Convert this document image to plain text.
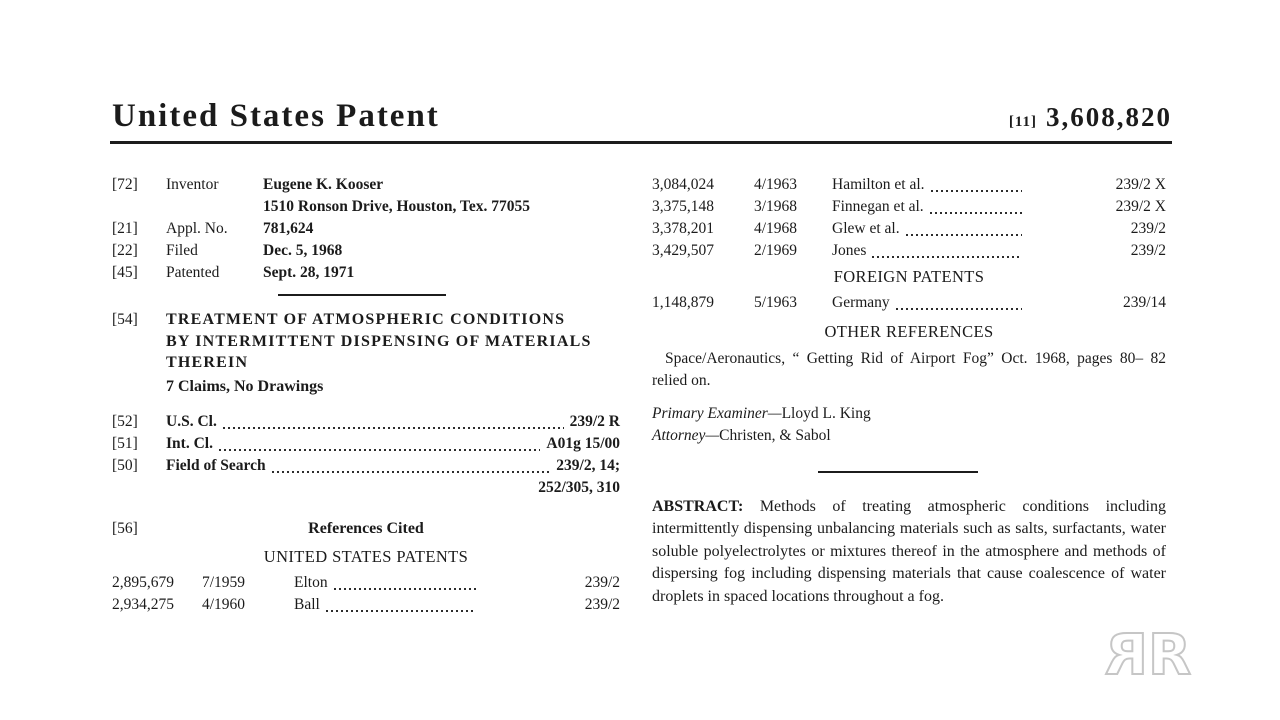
United States Patent	[11] 3,608,820
[72]	Inventor	Eugene K. Kooser
1510 Ronson Drive, Houston, Tex. 77055
[21]	Appl. No.	781,624
[22]	Filed	Dec. 5, 1968
[45]	Patented	Sept. 28, 1971
[54]	TREATMENT OF ATMOSPHERIC CONDITIONS
BY INTERMITTENT DISPENSING OF MATERIALS
THEREIN
7 Claims, No Drawings
[52]	U.S. Cl.	239/2 R
[51]	Int. Cl.	A01g 15/00
[50]	Field of Search	239/2, 14;
252/305, 310
[56]	References Cited
UNITED STATES PATENTS
2,895,679	7/1959	Elton	239/2
2,934,275	4/1960	Ball	239/2
3,084,024	4/1963	Hamilton et al.	239/2 X
3,375,148	3/1968	Finnegan et al.	239/2 X
3,378,201	4/1968	Glew et al.	239/2
3,429,507	2/1969	Jones	239/2
FOREIGN PATENTS
1,148,879	5/1963	Germany	239/14
OTHER REFERENCES
Space/Aeronautics, “ Getting Rid of Airport Fog” Oct. 1968, pages 80– 82 relied on.
Primary Examiner—Lloyd L. King
Attorney—Christen, & Sabol
ABSTRACT: Methods of treating atmospheric conditions including intermittently dispensing unbalancing materials such as salts, surfactants, water soluble polyelectrolytes or mixtures thereof in the atmosphere and methods of dispersing fog including dispensing materials that cause coalescence of water droplets in spaced locations throughout a fog.
R R
